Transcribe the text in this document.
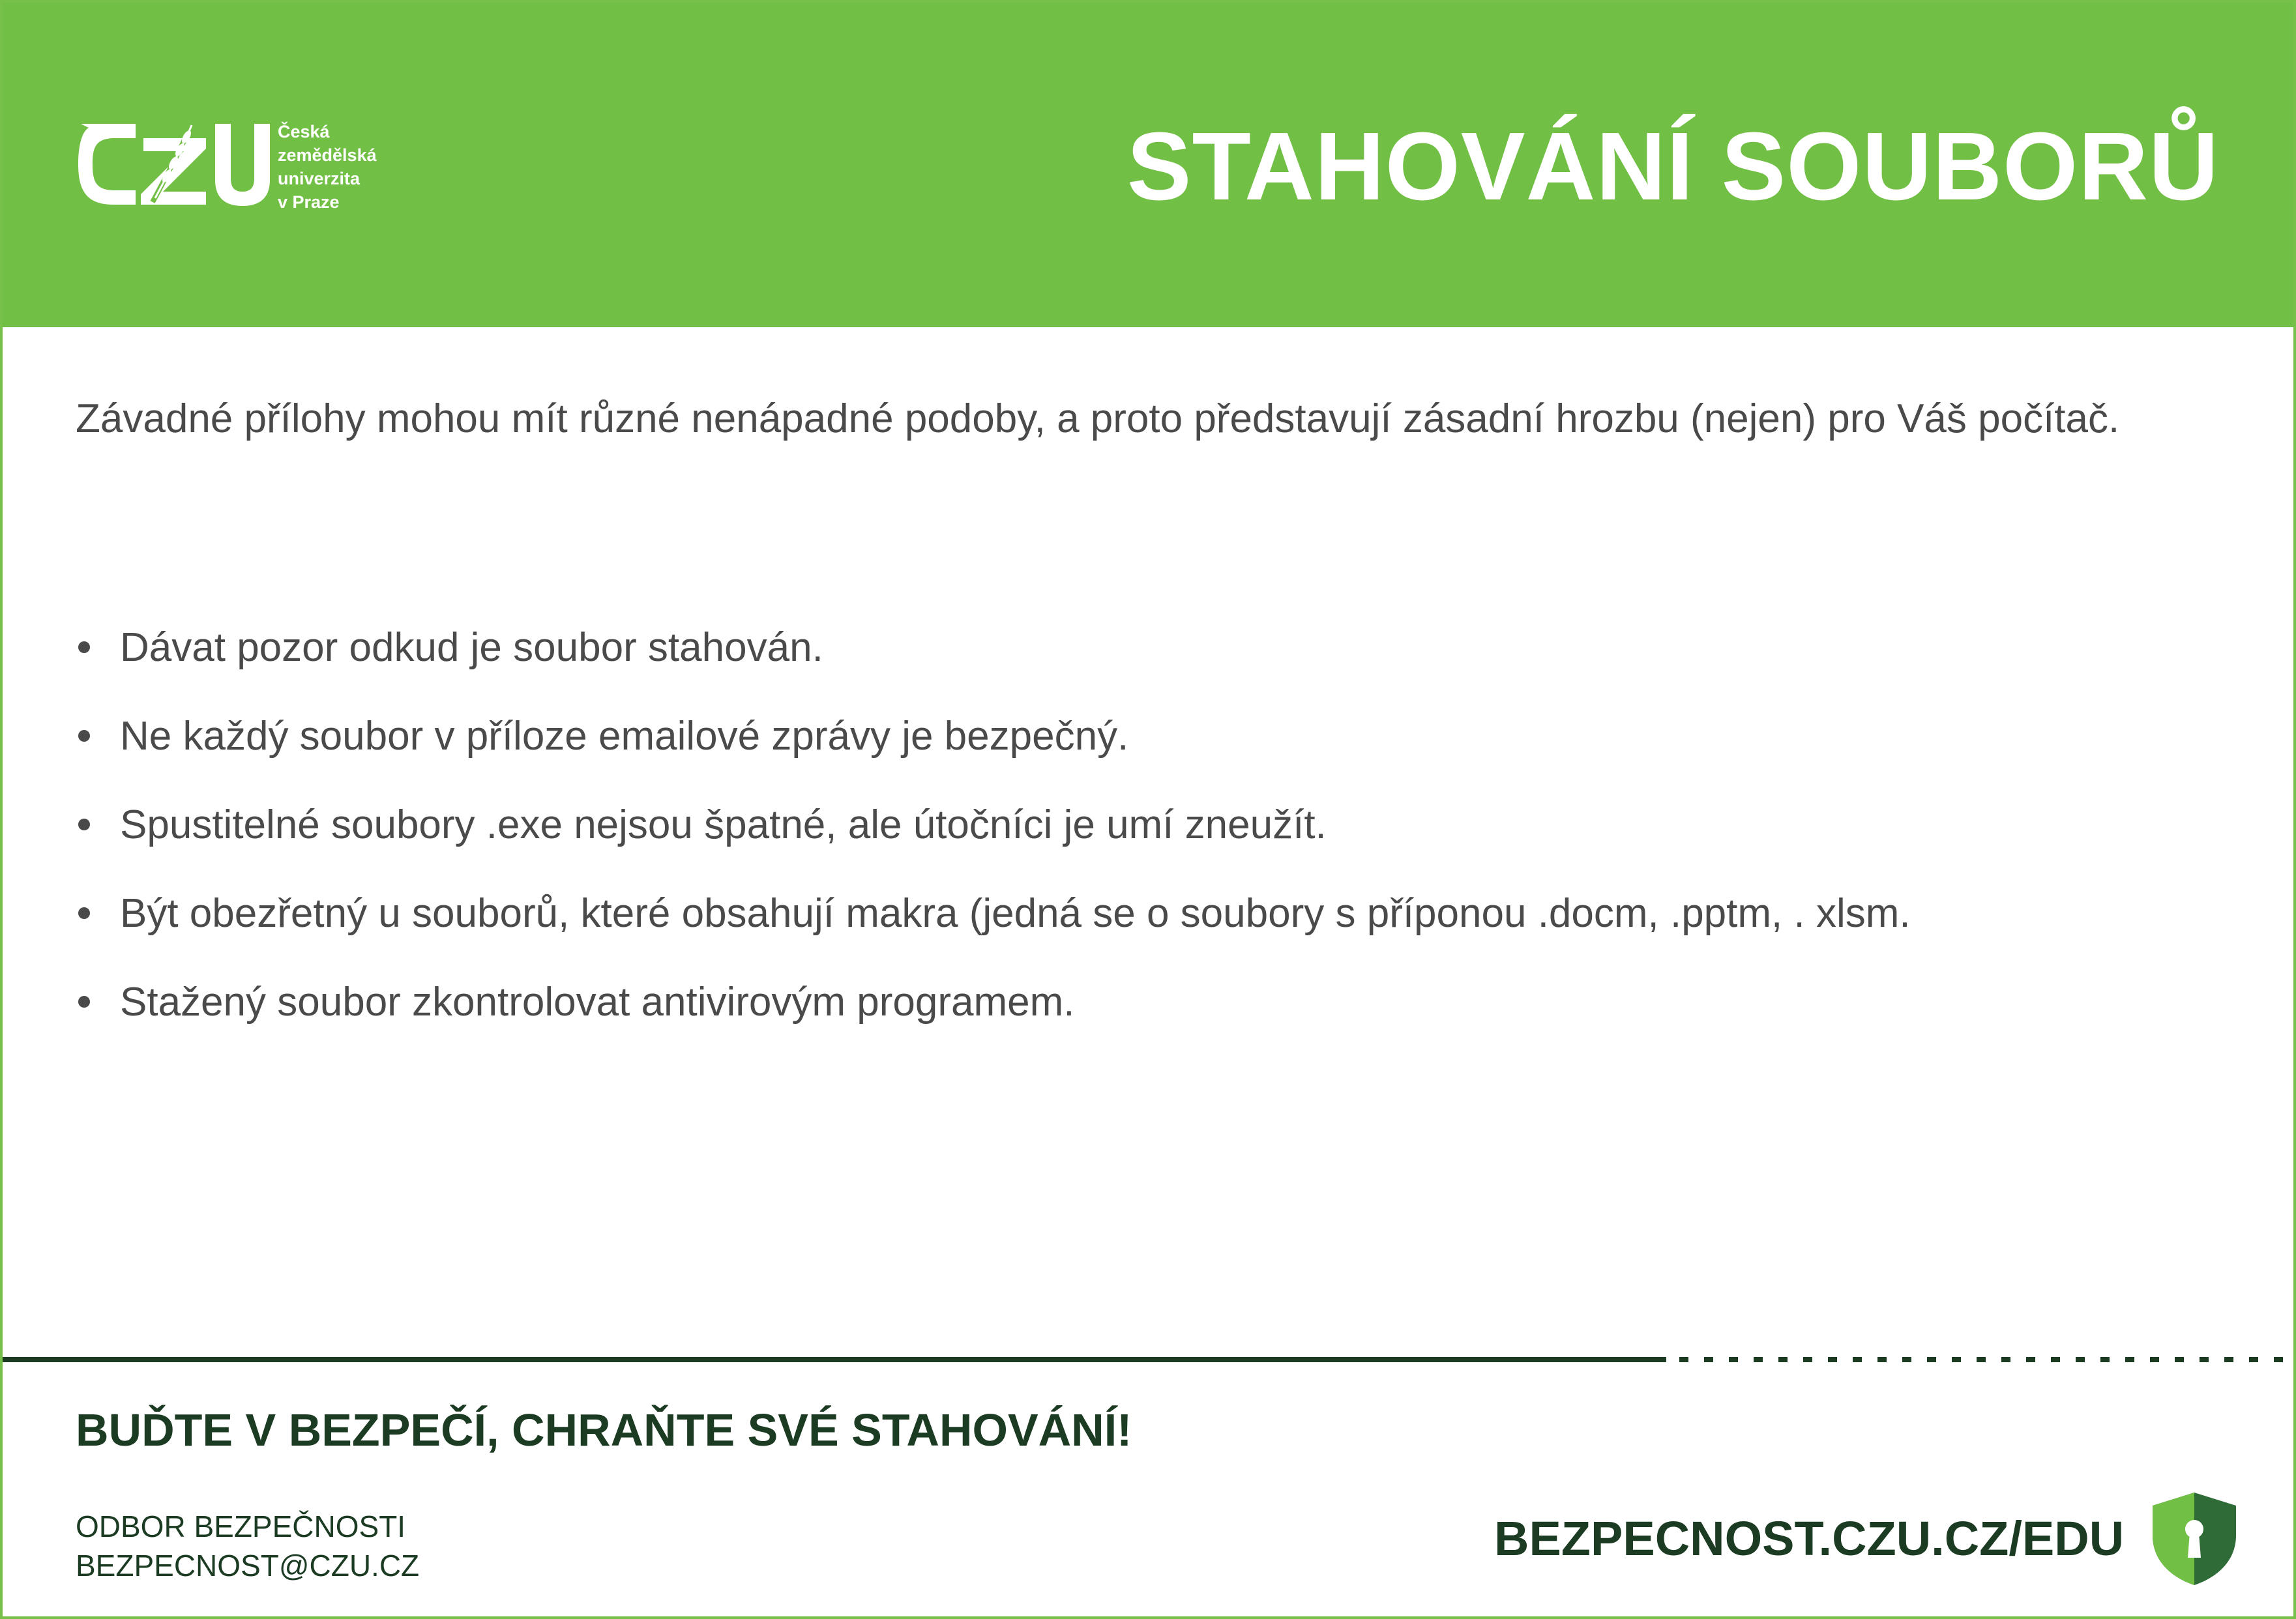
Česká
zemědělská
univerzita
v Praze	STAHOVÁNÍ SOUBORŮ
Závadné přílohy mohou mít různé nenápadné podoby, a proto představují zásadní hrozbu (nejen) pro Váš počítač.
Dávat pozor odkud je soubor stahován.
Ne každý soubor v příloze emailové zprávy je bezpečný.
Spustitelné soubory .exe nejsou špatné, ale útočníci je umí zneužít.
Být obezřetný u souborů, které obsahují makra (jedná se o soubory s příponou .docm, .pptm, . xlsm.
Stažený soubor zkontrolovat antivirovým programem.
BUĎTE V BEZPEČÍ, CHRAŇTE SVÉ STAHOVÁNÍ!
ODBOR BEZPEČNOSTI
BEZPECNOST@CZU.CZ	BEZPECNOST.CZU.CZ/EDU
